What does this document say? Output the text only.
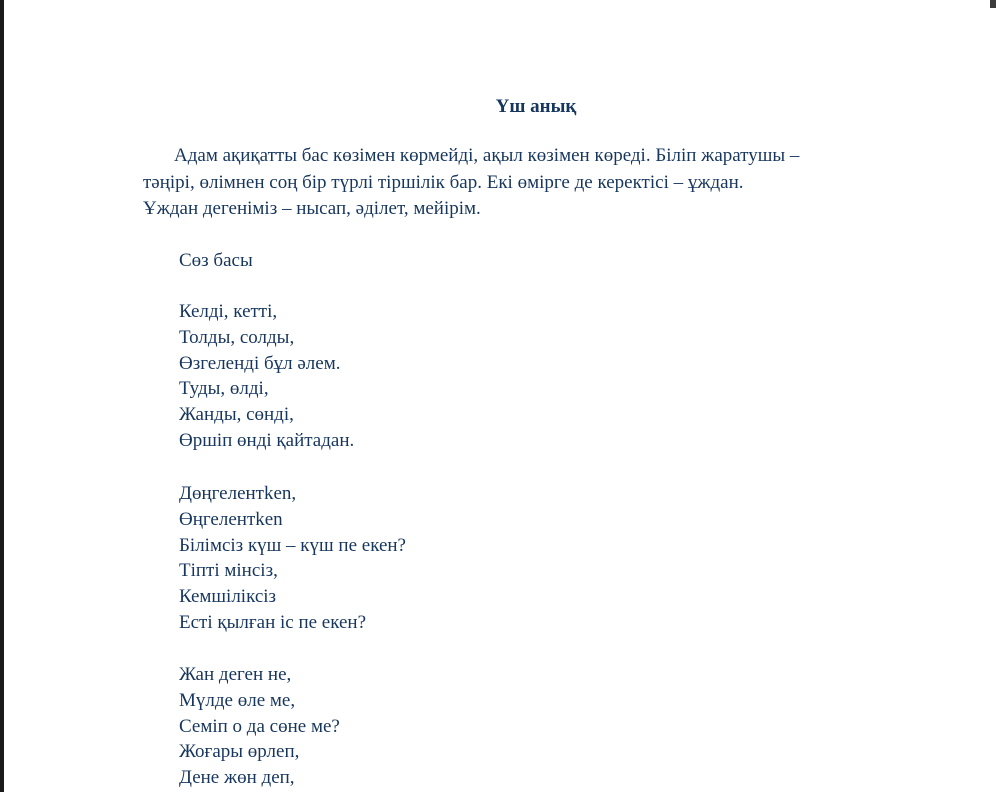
Үш анық

Адам ақиқатты бас көзімен көрмейді, ақыл көзімен көреді. Біліп жаратушы –
тәңірі, өлімнен соң бір түрлі тіршілік бар. Екі өмірге де керектісі – ұждан.
Ұждан дегеніміз – нысап, әділет, мейірім.

Сөз басы
Келді, кетті,
Толды, солды,
Өзгеленді бұл әлем.
Туды, өлді,
Жанды, сөнді,
Өршіп өнді қайтадан.
Дөңгелентken,
Өңгелентken
Білімсіз күш – күш пе екен?
Тіпті мінсіз,
Кемшіліксіз
Есті қылған іс пе екен?
Жан деген не,
Мүлде өле ме,
Семіп о да сөне ме?
Жоғары өрлеп,
Дене жөн деп,
